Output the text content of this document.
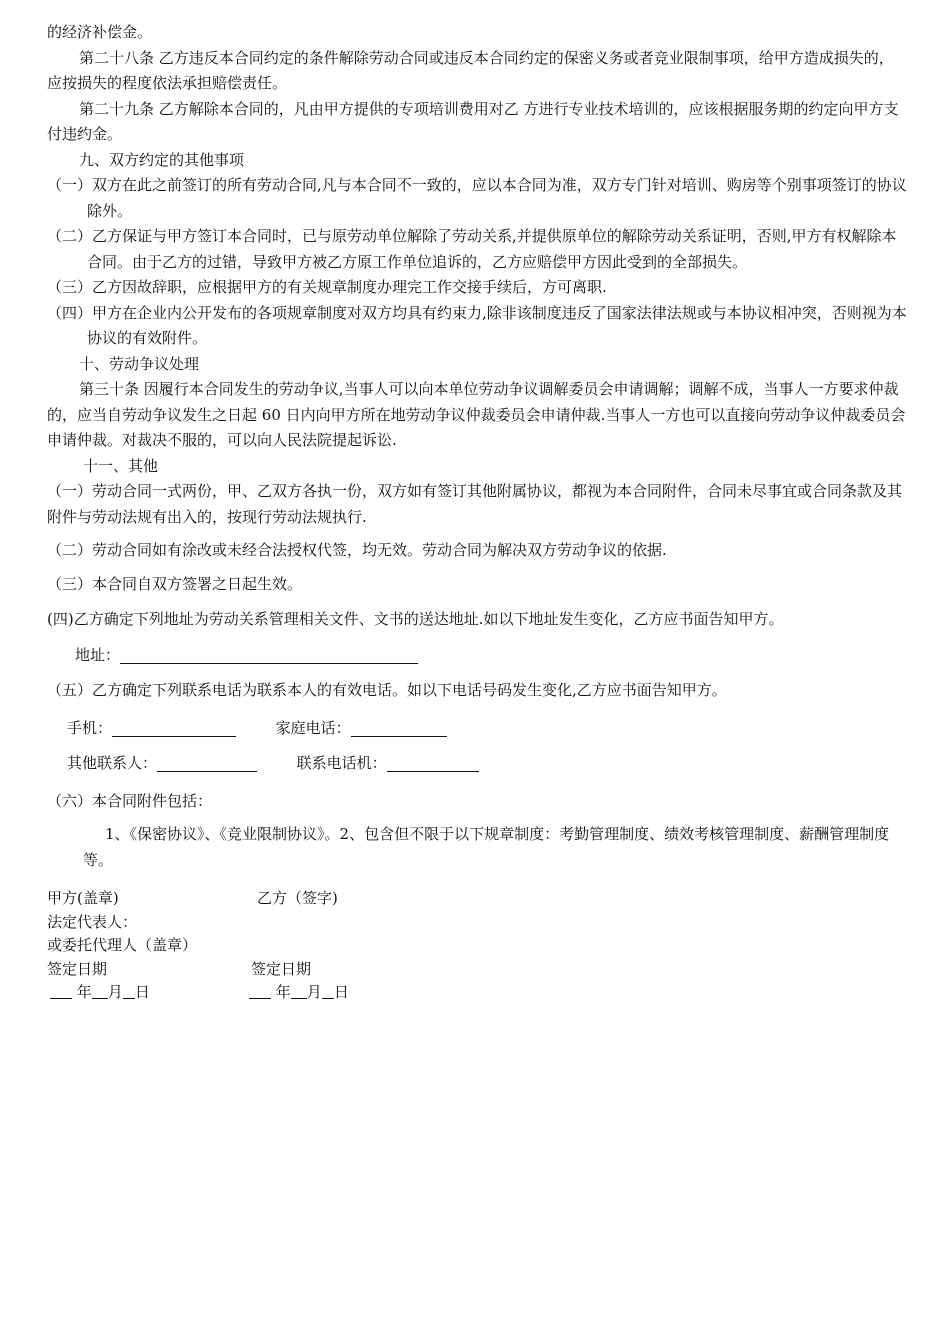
的经济补偿金。

第二十八条 乙方违反本合同约定的条件解除劳动合同或违反本合同约定的保密义务或者竞业限制事项，给甲方造成损失的，应按损失的程度依法承担赔偿责任。

第二十九条 乙方解除本合同的，凡由甲方提供的专项培训费用对乙 方进行专业技术培训的，应该根据服务期的约定向甲方支付违约金。

九、双方约定的其他事项

（一）双方在此之前签订的所有劳动合同,凡与本合同不一致的，应以本合同为准，双方专门针对培训、购房等个别事项签订的协议除外。

（二）乙方保证与甲方签订本合同时，已与原劳动单位解除了劳动关系,并提供原单位的解除劳动关系证明，否则,甲方有权解除本合同。由于乙方的过错，导致甲方被乙方原工作单位追诉的，乙方应赔偿甲方因此受到的全部损失。

（三）乙方因故辞职，应根据甲方的有关规章制度办理完工作交接手续后，方可离职.

（四）甲方在企业内公开发布的各项规章制度对双方均具有约束力,除非该制度违反了国家法律法规或与本协议相冲突，否则视为本协议的有效附件。

十、劳动争议处理

第三十条 因履行本合同发生的劳动争议,当事人可以向本单位劳动争议调解委员会申请调解；调解不成，当事人一方要求仲裁的，应当自劳动争议发生之日起 60 日内向甲方所在地劳动争议仲裁委员会申请仲裁.当事人一方也可以直接向劳动争议仲裁委员会申请仲裁。对裁决不服的，可以向人民法院提起诉讼.

十一、其他

（一）劳动合同一式两份，甲、乙双方各执一份，双方如有签订其他附属协议，都视为本合同附件，合同未尽事宜或合同条款及其附件与劳动法规有出入的，按现行劳动法规执行.

（二）劳动合同如有涂改或未经合法授权代签，均无效。劳动合同为解决双方劳动争议的依据.

（三）本合同自双方签署之日起生效。

(四)乙方确定下列地址为劳动关系管理相关文件、文书的送达地址.如以下地址发生变化，乙方应书面告知甲方。

地址：

（五）乙方确定下列联系电话为联系本人的有效电话。如以下电话号码发生变化,乙方应书面告知甲方。

手机：	家庭电话：
其他联系人：	联系电话机：

（六）本合同附件包括：

1、《保密协议》、《竞业限制协议》。2、包含但不限于以下规章制度：考勤管理制度、绩效考核管理制度、薪酬管理制度等。

甲方(盖章)	乙方（签字)
法定代表人：
或委托代理人（盖章）
签定日期	签定日期
年 月 日	年 月 日
